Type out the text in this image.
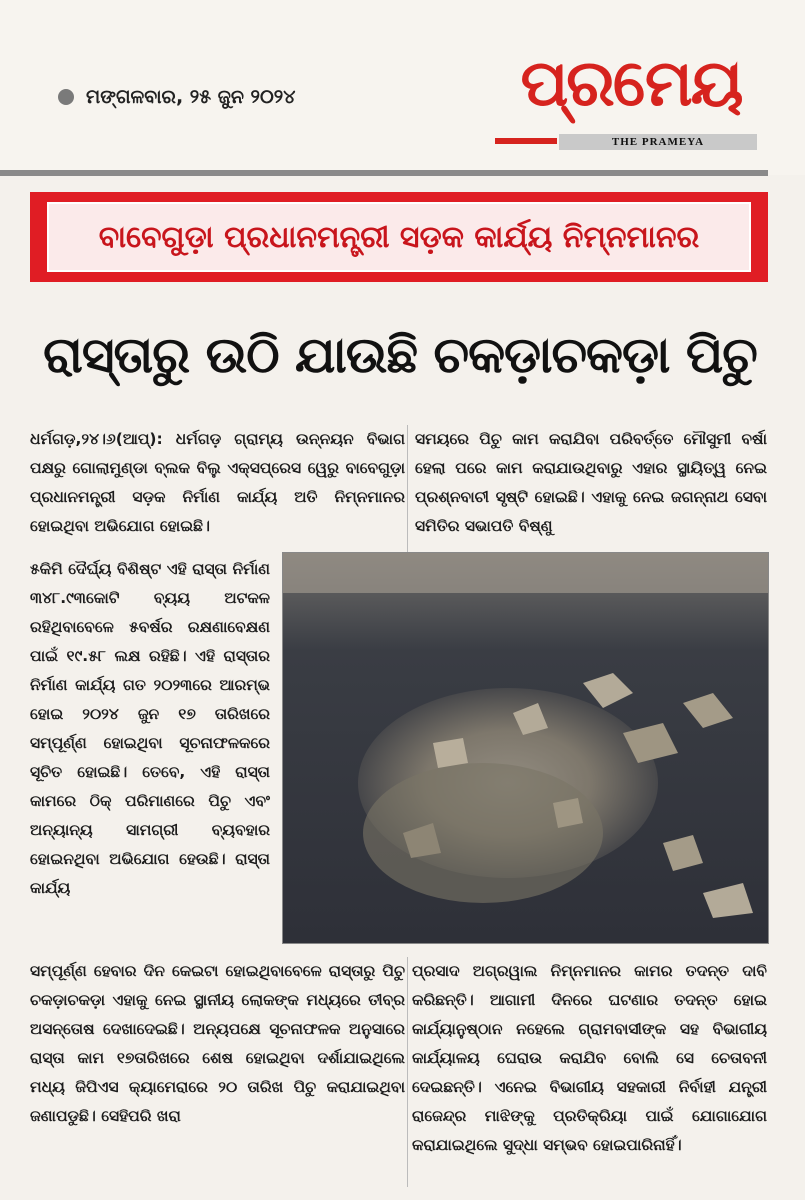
ମଙ୍ଗଳବାର, ୨୫ ଜୁନ ୨୦୨୪	ପ୍ରମେୟ
THE PRAMEYA
ବାବେଗୁଡ଼ା ପ୍ରଧାନମନ୍ତ୍ରୀ ସଡ଼କ କାର୍ଯ୍ୟ ନିମ୍ନମାନର
ରାସ୍ତାରୁ ଉଠି ଯାଉଛି ଚକଡ଼ାଚକଡ଼ା ପିଚୁ
ଧର୍ମଗଡ଼,୨୪।୬(ଆପ୍): ଧର୍ମଗଡ଼ ଗ୍ରାମ୍ୟ ଉନ୍ନୟନ ବିଭାଗ ପକ୍ଷରୁ ଗୋଲାମୁଣ୍ଡା ବ୍ଲକ ବିଲୁ ଏକ୍ସପ୍ରେସ ୱେରୁ ବାବେଗୁଡ଼ା ପ୍ରଧାନମନ୍ତ୍ରୀ ସଡ଼କ ନିର୍ମାଣ କାର୍ଯ୍ୟ ଅତି ନିମ୍ନମାନର ହୋଇଥିବା ଅଭିଯୋଗ ହୋଇଛି।
ସମୟରେ ପିଚୁ କାମ କରାଯିବା ପରିବର୍ତ୍ତେ ମୌସୁମୀ ବର୍ଷା ହେଲା ପରେ କାମ କରାଯାଉଥିବାରୁ ଏହାର ସ୍ଥାୟିତ୍ୱ ନେଇ ପ୍ରଶ୍ନବାଚୀ ସୃଷ୍ଟି ହୋଇଛି। ଏହାକୁ ନେଇ ଜଗନ୍ନାଥ ସେବା ସମିତିର ସଭାପତି ବିଷ୍ଣୁ
୫କିମି ଦୈର୍ଘ୍ୟ ବିଶିଷ୍ଟ ଏହି ରାସ୍ତା ନିର୍ମାଣ ୩୪୮.୯୩କୋଟି ବ୍ୟୟ ଅଟକଳ ରହିଥିବାବେଳେ ୫ବର୍ଷର ରକ୍ଷଣାବେକ୍ଷଣ ପାଇଁ ୧୯.୫୮ ଲକ୍ଷ ରହିଛି। ଏହି ରାସ୍ତାର ନିର୍ମାଣ କାର୍ଯ୍ୟ ଗତ ୨୦୨୩ରେ ଆରମ୍ଭ ହୋଇ ୨୦୨୪ ଜୁନ ୧୭ ତାରିଖରେ ସମ୍ପୂର୍ଣ୍ଣ ହୋଇଥିବା ସୂଚନାଫଳକରେ ସୂଚିତ ହୋଇଛି। ତେବେ, ଏହି ରାସ୍ତା କାମରେ ଠିକ୍ ପରିମାଣରେ ପିଚୁ ଏବଂ ଅନ୍ୟାନ୍ୟ ସାମଗ୍ରୀ ବ୍ୟବହାର ହୋଇନଥିବା ଅଭିଯୋଗ ହେଉଛି। ରାସ୍ତା କାର୍ଯ୍ୟ
ସମ୍ପୂର୍ଣ୍ଣ ହେବାର ଦିନ କେଇଟା ହୋଇଥିବାବେଳେ ରାସ୍ତାରୁ ପିଚୁ ଚକଡ଼ାଚକଡ଼ା ଏହାକୁ ନେଇ ସ୍ଥାନୀୟ ଲୋକଙ୍କ ମଧ୍ୟରେ ତୀବ୍ର ଅସନ୍ତୋଷ ଦେଖାଦେଇଛି। ଅନ୍ୟପକ୍ଷେ ସୂଚନାଫଳକ ଅନୁସାରେ ରାସ୍ତା କାମ ୧୭ତାରିଖରେ ଶେଷ ହୋଇଥିବା ଦର୍ଶାଯାଇଥିଲେ ମଧ୍ୟ ଜିପିଏସ କ୍ୟାମେରାରେ ୨୦ ତାରିଖ ପିଚୁ କରାଯାଇଥିବା ଜଣାପଡୁଛି। ସେହିପରି ଖରା
ପ୍ରସାଦ ଅଗ୍ରୱାଲ ନିମ୍ନମାନର କାମର ତଦନ୍ତ ଦାବି କରିଛନ୍ତି। ଆଗାମୀ ଦିନରେ ଘଟଣାର ତଦନ୍ତ ହୋଇ କାର୍ଯ୍ୟାନୁଷ୍ଠାନ ନହେଲେ ଗ୍ରାମବାସୀଙ୍କ ସହ ବିଭାଗୀୟ କାର୍ଯ୍ୟାଳୟ ଘେରାଉ କରାଯିବ ବୋଲି ସେ ଚେତାବନୀ ଦେଇଛନ୍ତି। ଏନେଇ ବିଭାଗୀୟ ସହକାରୀ ନିର୍ବାହୀ ଯନ୍ତ୍ରୀ ରାଜେନ୍ଦ୍ର ମାଝିଙ୍କୁ ପ୍ରତିକ୍ରିୟା ପାଇଁ ଯୋଗାଯୋଗ କରାଯାଇଥିଲେ ସୁଦ୍ଧା ସମ୍ଭବ ହୋଇପାରିନାହିଁ।
